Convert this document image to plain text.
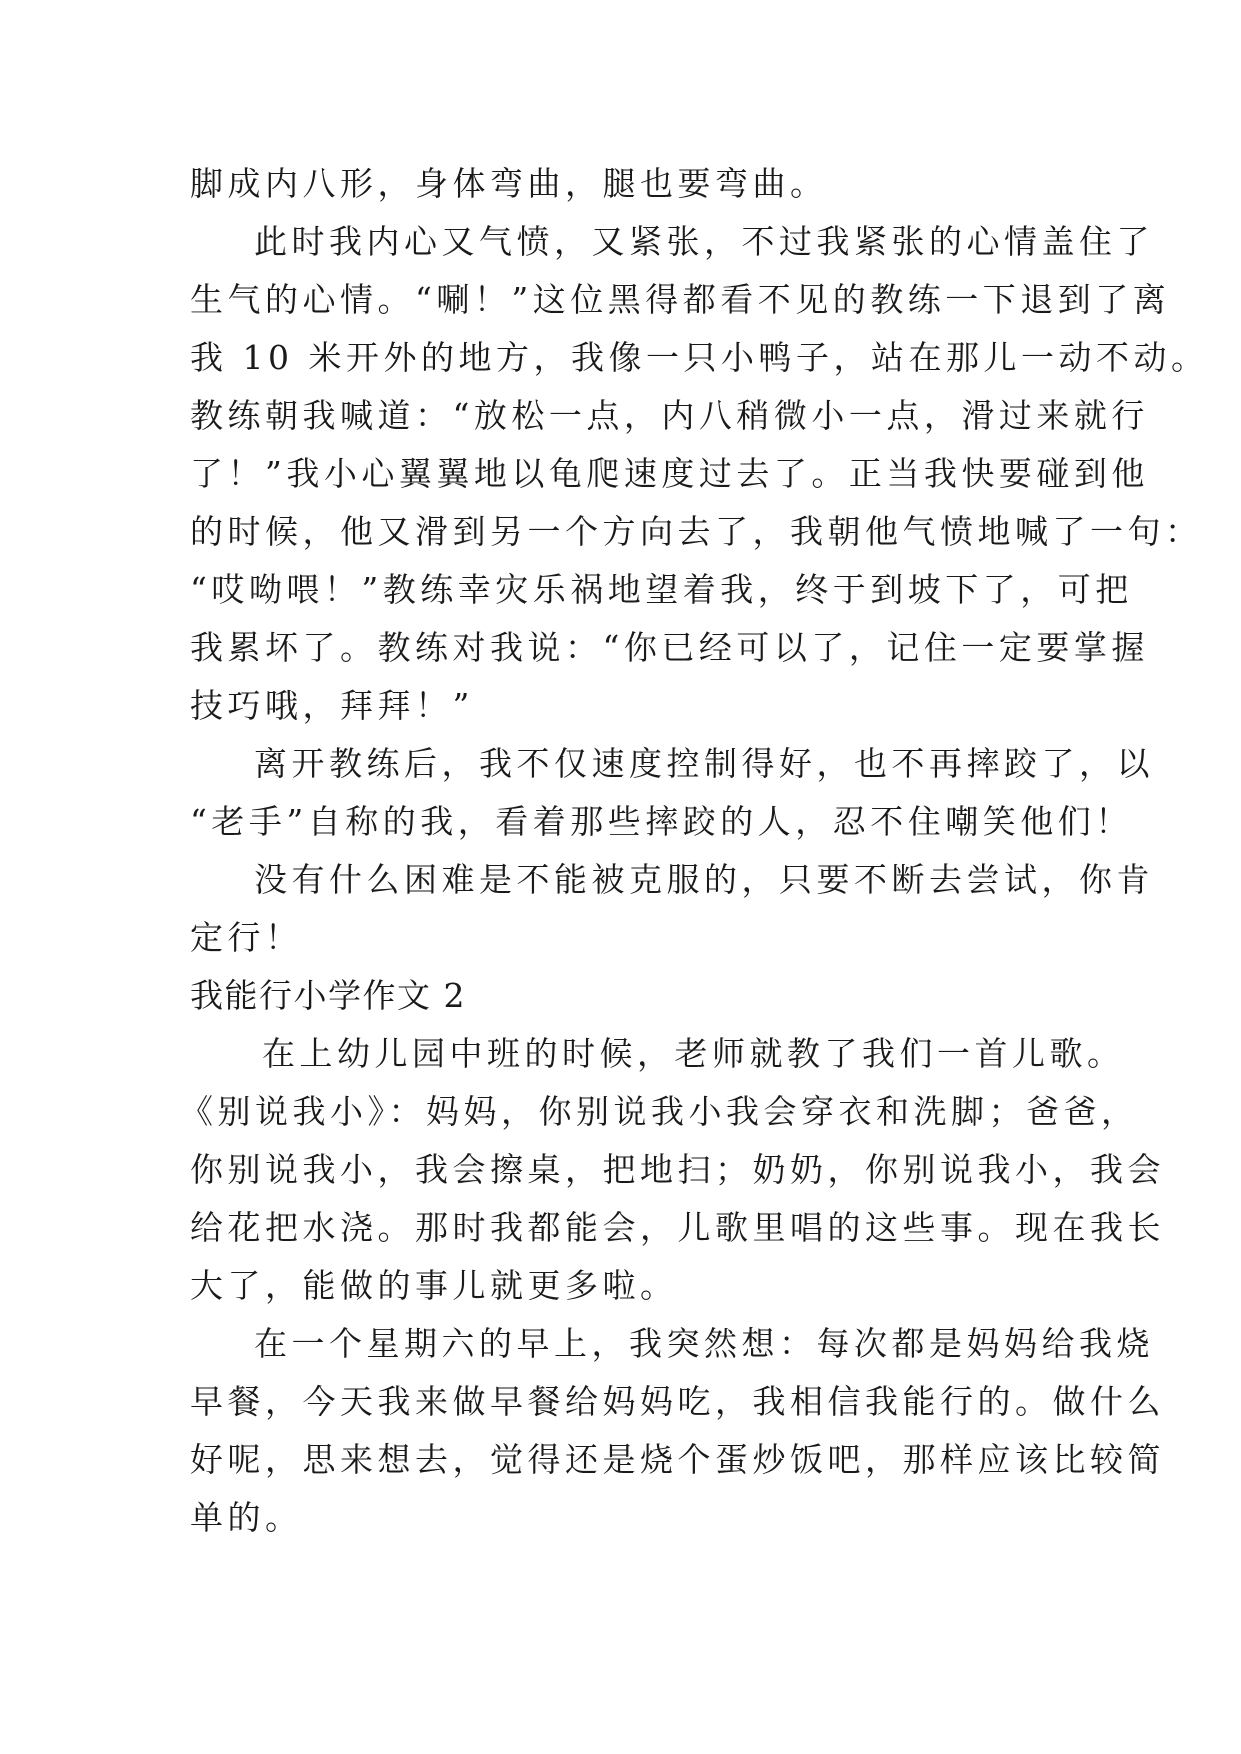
脚成内八形，身体弯曲，腿也要弯曲。
此时我内心又气愤，又紧张，不过我紧张的心情盖住了
生气的心情。“唰！”这位黑得都看不见的教练一下退到了离
我 10 米开外的地方，我像一只小鸭子，站在那儿一动不动。
教练朝我喊道：“放松一点，内八稍微小一点，滑过来就行
了！”我小心翼翼地以龟爬速度过去了。正当我快要碰到他
的时候，他又滑到另一个方向去了，我朝他气愤地喊了一句：
“哎呦喂！”教练幸灾乐祸地望着我，终于到坡下了，可把
我累坏了。教练对我说：“你已经可以了，记住一定要掌握
技巧哦，拜拜！”
离开教练后，我不仅速度控制得好，也不再摔跤了，以
“老手”自称的我，看着那些摔跤的人，忍不住嘲笑他们！
没有什么困难是不能被克服的，只要不断去尝试，你肯
定行！
我能行小学作文 2
在上幼儿园中班的时候，老师就教了我们一首儿歌。
《别说我小》：妈妈，你别说我小我会穿衣和洗脚；爸爸，
你别说我小，我会擦桌，把地扫；奶奶，你别说我小，我会
给花把水浇。那时我都能会，儿歌里唱的这些事。现在我长
大了，能做的事儿就更多啦。
在一个星期六的早上，我突然想：每次都是妈妈给我烧
早餐，今天我来做早餐给妈妈吃，我相信我能行的。做什么
好呢，思来想去，觉得还是烧个蛋炒饭吧，那样应该比较简
单的。
